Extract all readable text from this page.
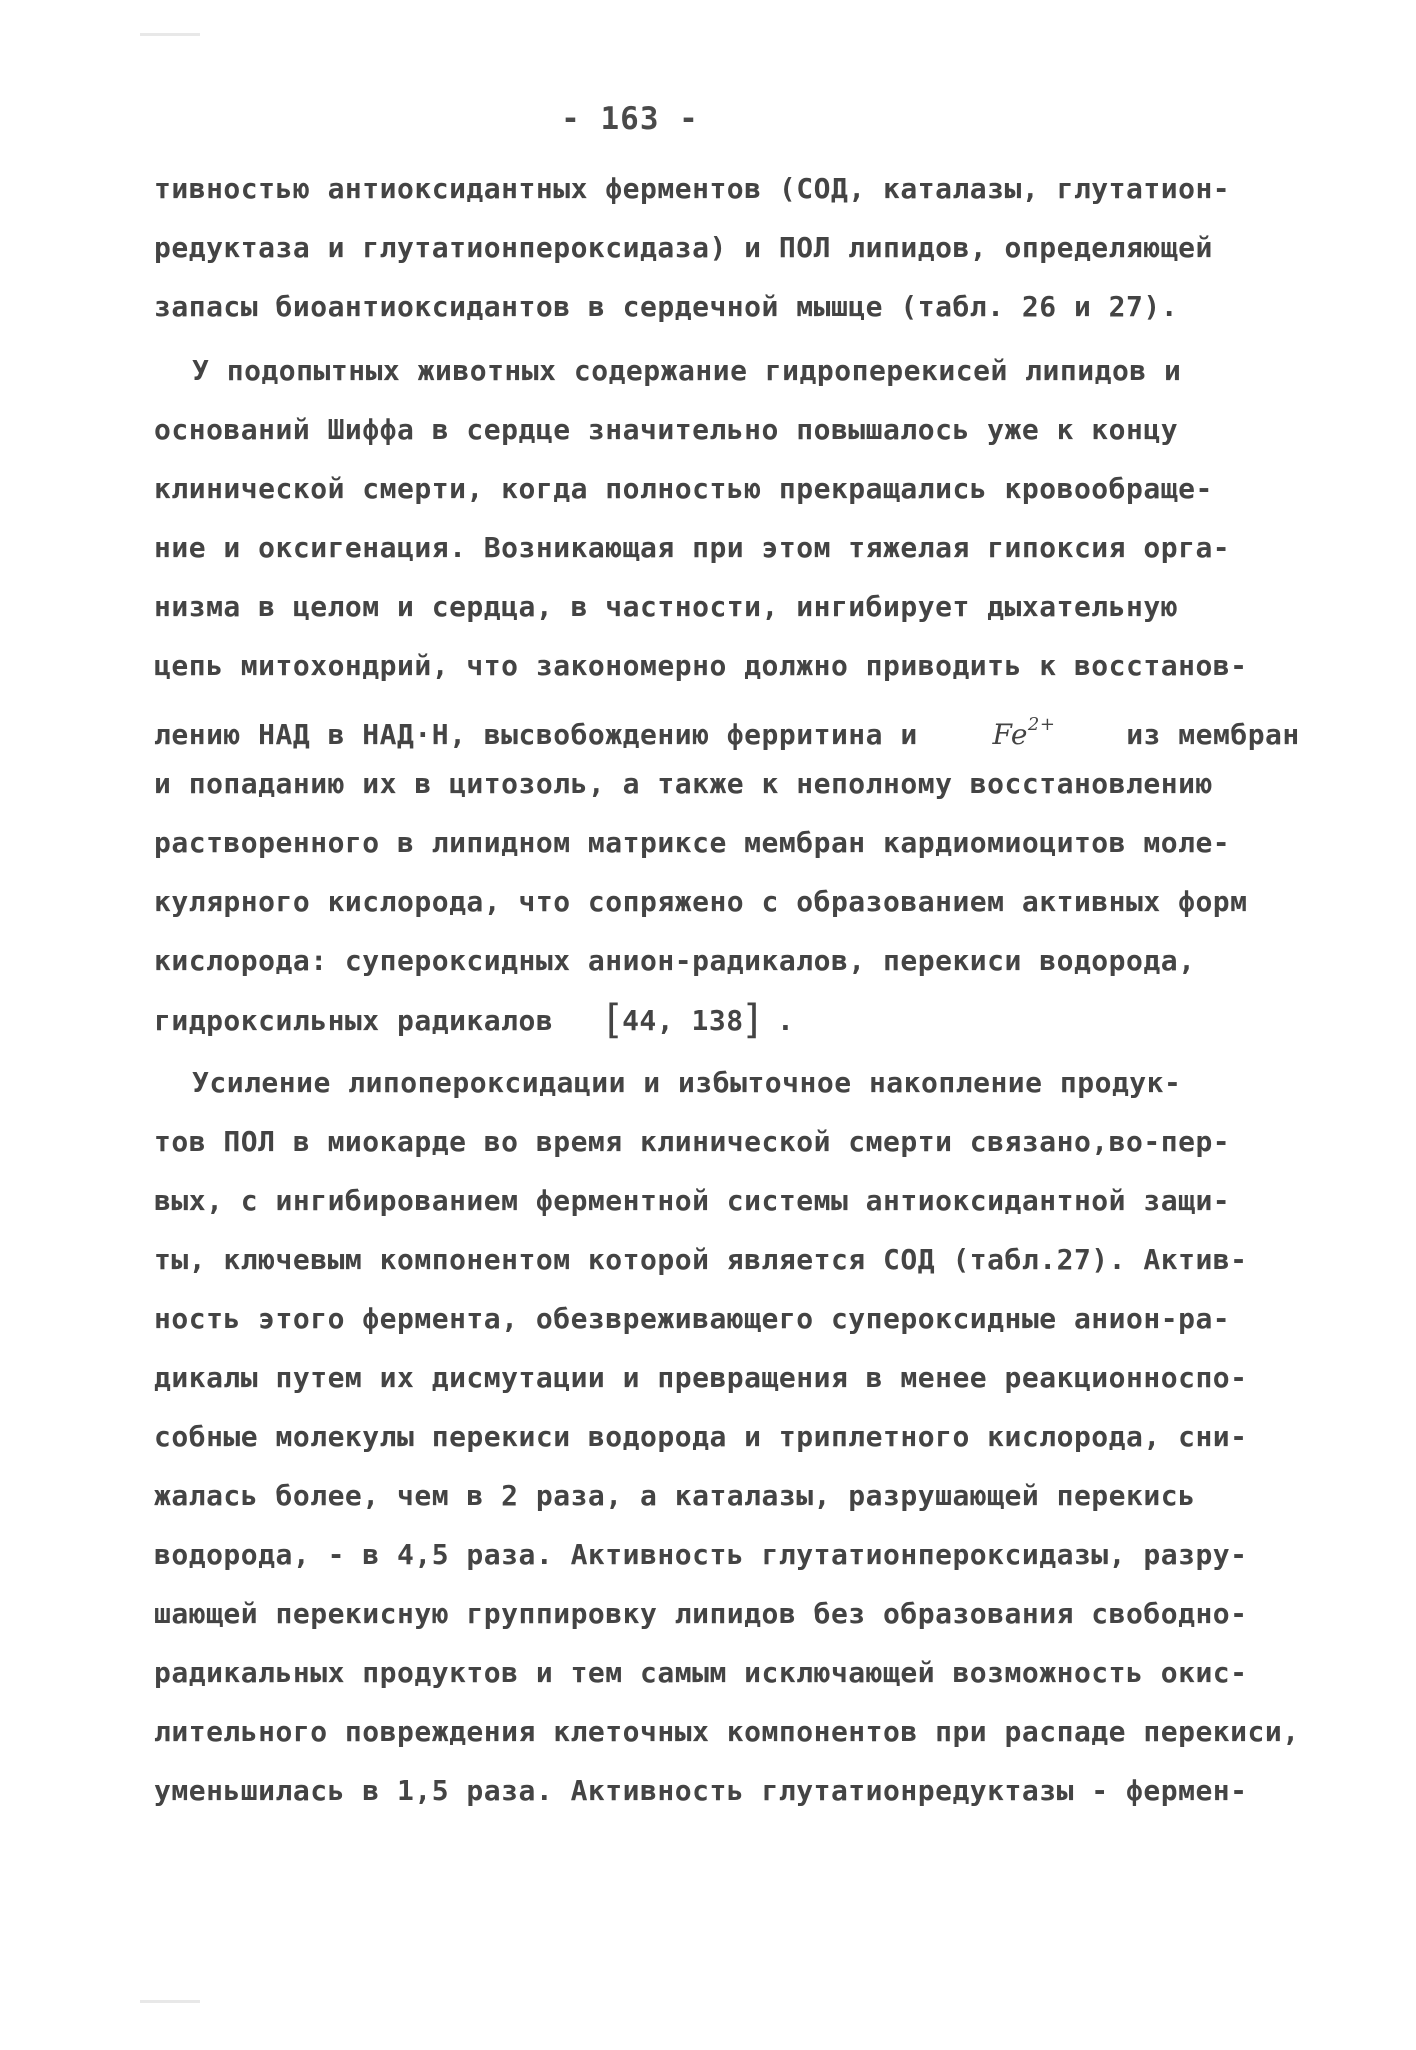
- 163 -
тивностью антиоксидантных ферментов (СОД, каталазы, глутатион-
редуктаза и глутатионпероксидаза) и ПОЛ липидов, определяющей
запасы биоантиоксидантов в сердечной мышце (табл. 26 и 27).
У подопытных животных содержание гидроперекисей липидов и
оснований Шиффа в сердце значительно повышалось уже к концу
клинической смерти, когда полностью прекращались кровообраще-
ние и оксигенация. Возникающая при этом тяжелая гипоксия орга-
низма в целом и сердца, в частности, ингибирует дыхательную
цепь митохондрий, что закономерно должно приводить к восстанов-
лению НАД в НАД·Н, высвобождению ферритина и	$Fe^{2+}$	из мембран
и попаданию их в цитозоль, а также к неполному восстановлению
растворенного в липидном матриксе мембран кардиомиоцитов моле-
кулярного кислорода, что сопряжено с образованием активных форм
кислорода: супероксидных анион-радикалов, перекиси водорода,
гидроксильных радикалов [44, 138] .
Усиление липопероксидации и избыточное накопление продук-
тов ПОЛ в миокарде во время клинической смерти связано,во-пер-
вых, с ингибированием ферментной системы антиоксидантной защи-
ты, ключевым компонентом которой является СОД (табл.27). Актив-
ность этого фермента, обезвреживающего супероксидные анион-ра-
дикалы путем их дисмутации и превращения в менее реакционноспо-
собные молекулы перекиси водорода и триплетного кислорода, сни-
жалась более, чем в 2 раза, а каталазы, разрушающей перекись
водорода, - в 4,5 раза. Активность глутатионпероксидазы, разру-
шающей перекисную группировку липидов без образования свободно-
радикальных продуктов и тем самым исключающей возможность окис-
лительного повреждения клеточных компонентов при распаде перекиси,
уменьшилась в 1,5 раза. Активность глутатионредуктазы - фермен-
